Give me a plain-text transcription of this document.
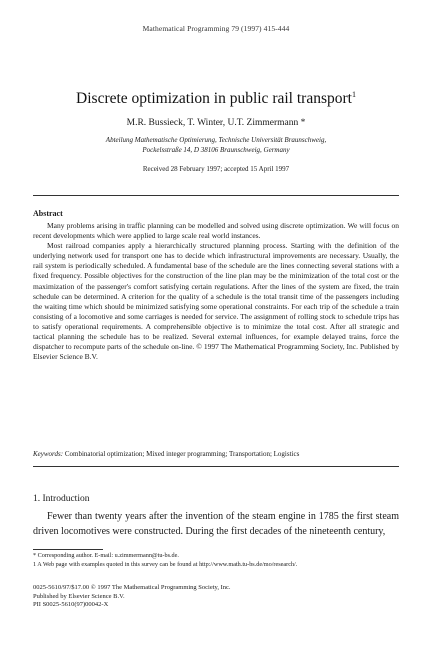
Mathematical Programming 79 (1997) 415-444
Discrete optimization in public rail transport$^1$
M.R. Bussieck, T. Winter, U.T. Zimmermann *
Abteilung Mathematische Optimierung, Technische Universität Braunschweig,
Pockelsstraße 14, D 38106 Braunschweig, Germany
Received 28 February 1997; accepted 15 April 1997
Abstract

Many problems arising in traffic planning can be modelled and solved using discrete optimization. We will focus on recent developments which were applied to large scale real world instances.

Most railroad companies apply a hierarchically structured planning process. Starting with the definition of the underlying network used for transport one has to decide which infrastructural improvements are necessary. Usually, the rail system is periodically scheduled. A fundamental base of the schedule are the lines connecting several stations with a fixed frequency. Possible objectives for the construction of the line plan may be the minimization of the total cost or the maximization of the passenger's comfort satisfying certain regulations. After the lines of the system are fixed, the train schedule can be determined. A criterion for the quality of a schedule is the total transit time of the passengers including the waiting time which should be minimized satisfying some operational constraints. For each trip of the schedule a train consisting of a locomotive and some carriages is needed for service. The assignment of rolling stock to schedule trips has to satisfy operational requirements. A comprehensible objective is to minimize the total cost. After all strategic and tactical planning the schedule has to be realized. Several external influences, for example delayed trains, force the dispatcher to recompute parts of the schedule on-line. © 1997 The Mathematical Programming Society, Inc. Published by Elsevier Science B.V.

Keywords: Combinatorial optimization; Mixed integer programming; Transportation; Logistics
1. Introduction

Fewer than twenty years after the invention of the steam engine in 1785 the first steam driven locomotives were constructed. During the first decades of the nineteenth century,

* Corresponding author. E-mail: u.zimmermann@tu-bs.de.
1 A Web page with examples quoted in this survey can be found at http://www.math.tu-bs.de/mo/research/.
0025-5610/97/$17.00 © 1997 The Mathematical Programming Society, Inc.
Published by Elsevier Science B.V.
PII S0025-5610(97)00042-X
